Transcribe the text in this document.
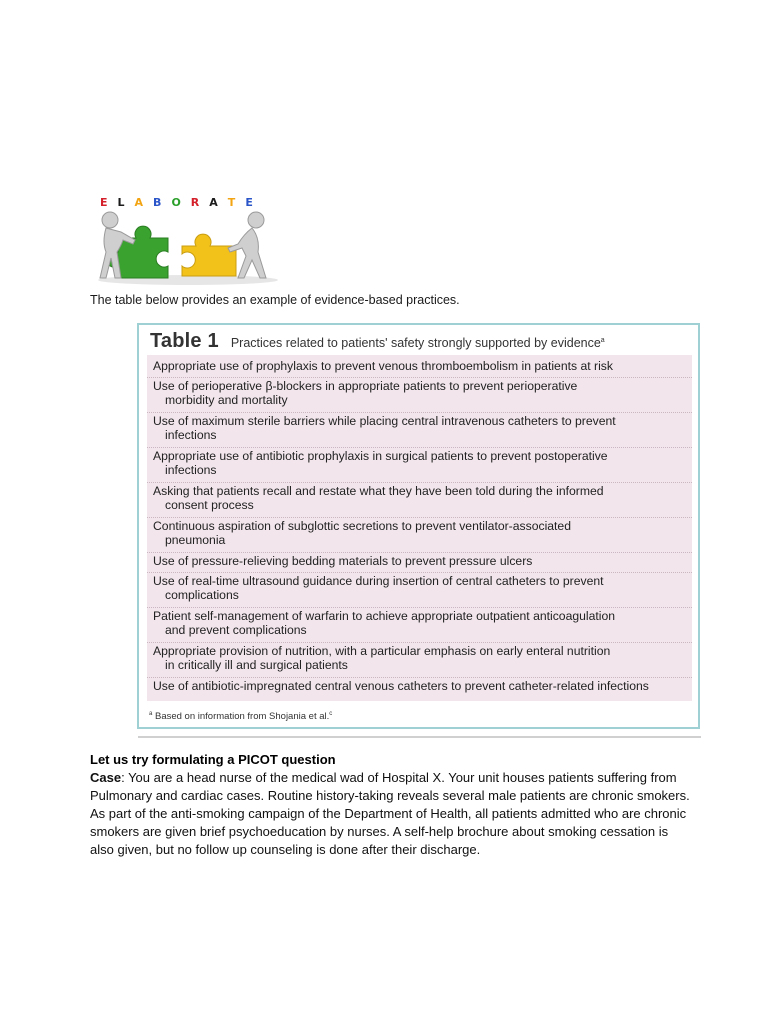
E L A B O R A T E
The table below provides an example of evidence-based practices.
Table 1 Practices related to patients' safety strongly supported by evidence$^a$
Appropriate use of prophylaxis to prevent venous thromboembolism in patients at risk
Use of perioperative β-blockers in appropriate patients to prevent perioperative
morbidity and mortality
Use of maximum sterile barriers while placing central intravenous catheters to prevent
infections
Appropriate use of antibiotic prophylaxis in surgical patients to prevent postoperative
infections
Asking that patients recall and restate what they have been told during the informed
consent process
Continuous aspiration of subglottic secretions to prevent ventilator-associated
pneumonia
Use of pressure-relieving bedding materials to prevent pressure ulcers
Use of real-time ultrasound guidance during insertion of central catheters to prevent
complications
Patient self-management of warfarin to achieve appropriate outpatient anticoagulation
and prevent complications
Appropriate provision of nutrition, with a particular emphasis on early enteral nutrition
in critically ill and surgical patients
Use of antibiotic-impregnated central venous catheters to prevent catheter-related infections
$^a$ Based on information from Shojania et al.$^c$
Let us try formulating a PICOT question
Case: You are a head nurse of the medical wad of Hospital X. Your unit houses patients suffering from Pulmonary and cardiac cases. Routine history-taking reveals several male patients are chronic smokers. As part of the anti-smoking campaign of the Department of Health, all patients admitted who are chronic smokers are given brief psychoeducation by nurses. A self-help brochure about smoking cessation is also given, but no follow up counseling is done after their discharge.
